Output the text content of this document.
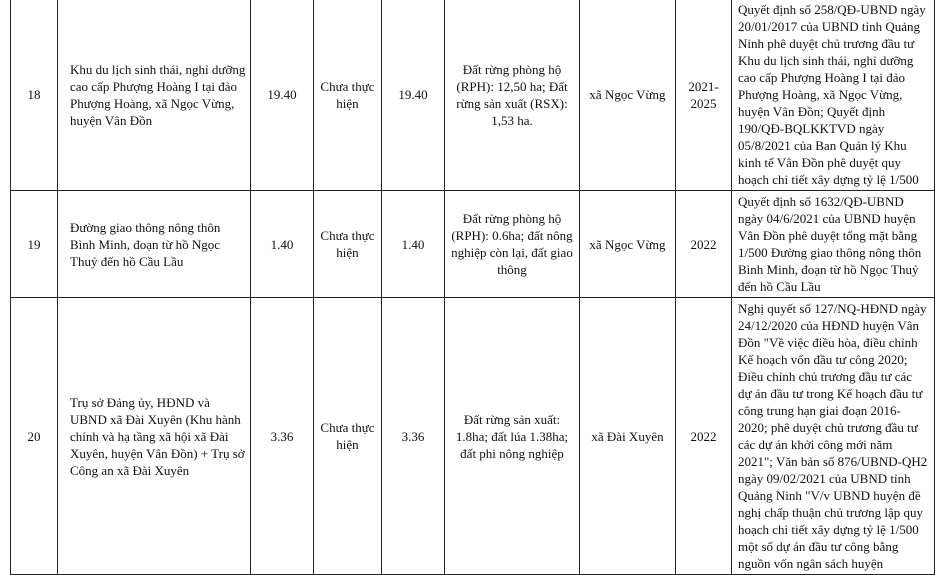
18	Khu du lịch sinh thái, nghỉ dưỡng cao cấp Phượng Hoàng I tại đảo Phượng Hoàng, xã Ngọc Vừng, huyện Vân Đồn	19.40	Chưa thực hiện	19.40	Đất rừng phòng hộ (RPH): 12,50 ha; Đất rừng sản xuất (RSX): 1,53 ha.	xã Ngọc Vừng	2021-2025	Quyết định số 258/QĐ-UBND ngày 20/01/2017 của UBND tỉnh Quảng Ninh phê duyệt chủ trương đầu tư Khu du lịch sinh thái, nghỉ dưỡng cao cấp Phượng Hoàng I tại đảo Phượng Hoàng, xã Ngọc Vừng, huyện Vân Đồn; Quyết định 190/QĐ-BQLKKTVD ngày 05/8/2021 của Ban Quản lý Khu kinh tế Vân Đồn phê duyệt quy hoạch chi tiết xây dựng tỷ lệ 1/500
19	Đường giao thông nông thôn Bình Minh, đoạn từ hồ Ngọc Thuỷ đến hồ Cầu Lầu	1.40	Chưa thực hiện	1.40	Đất rừng phòng hộ (RPH): 0.6ha; đất nông nghiệp còn lại, đất giao thông	xã Ngọc Vừng	2022	Quyết định số 1632/QĐ-UBND ngày 04/6/2021 của UBND huyện Vân Đồn phê duyệt tổng mặt bằng 1/500 Đường giao thông nông thôn Bình Minh, đoạn từ hồ Ngọc Thuỷ đến hồ Cầu Lầu
20	Trụ sở Đảng ủy, HĐND và UBND xã Đài Xuyên (Khu hành chính và hạ tầng xã hội xã Đài Xuyên, huyện Vân Đồn) + Trụ sở Công an xã Đài Xuyên	3.36	Chưa thực hiện	3.36	Đất rừng sản xuất: 1.8ha; đất lúa 1.38ha; đất phi nông nghiệp	xã Đài Xuyên	2022	Nghị quyết số 127/NQ-HĐND ngày 24/12/2020 của HĐND huyện Vân Đồn "Về việc điều hòa, điều chỉnh Kế hoạch vốn đầu tư công 2020; Điều chỉnh chủ trương đầu tư các dự án đầu tư trong Kế hoạch đầu tư công trung hạn giai đoạn 2016-2020; phê duyệt chủ trương đầu tư các dự án khởi công mới năm 2021"; Văn bản số 876/UBND-QH2 ngày 09/02/2021 của UBND tỉnh Quảng Ninh "V/v UBND huyện đề nghị chấp thuận chủ trương lập quy hoạch chi tiết xây dựng tỷ lệ 1/500 một số dự án đầu tư công bằng nguồn vốn ngân sách huyện
